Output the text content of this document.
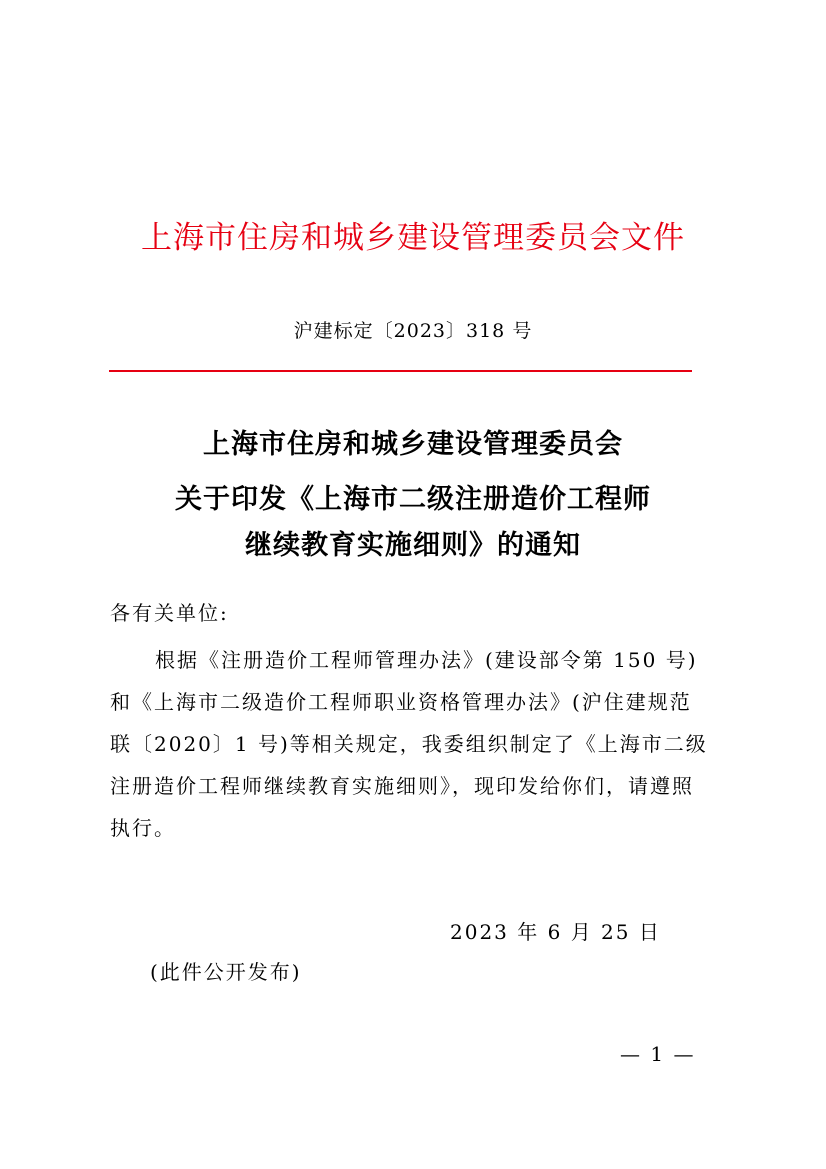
上海市住房和城乡建设管理委员会文件
沪建标定〔2023〕318 号
上海市住房和城乡建设管理委员会
关于印发《上海市二级注册造价工程师
继续教育实施细则》的通知
各有关单位:
根据《注册造价工程师管理办法》(建设部令第 150 号)
和《上海市二级造价工程师职业资格管理办法》(沪住建规范
联〔2020〕1 号)等相关规定，我委组织制定了《上海市二级
注册造价工程师继续教育实施细则》，现印发给你们，请遵照
执行。
2023 年 6 月 25 日
(此件公开发布)
— 1 —
